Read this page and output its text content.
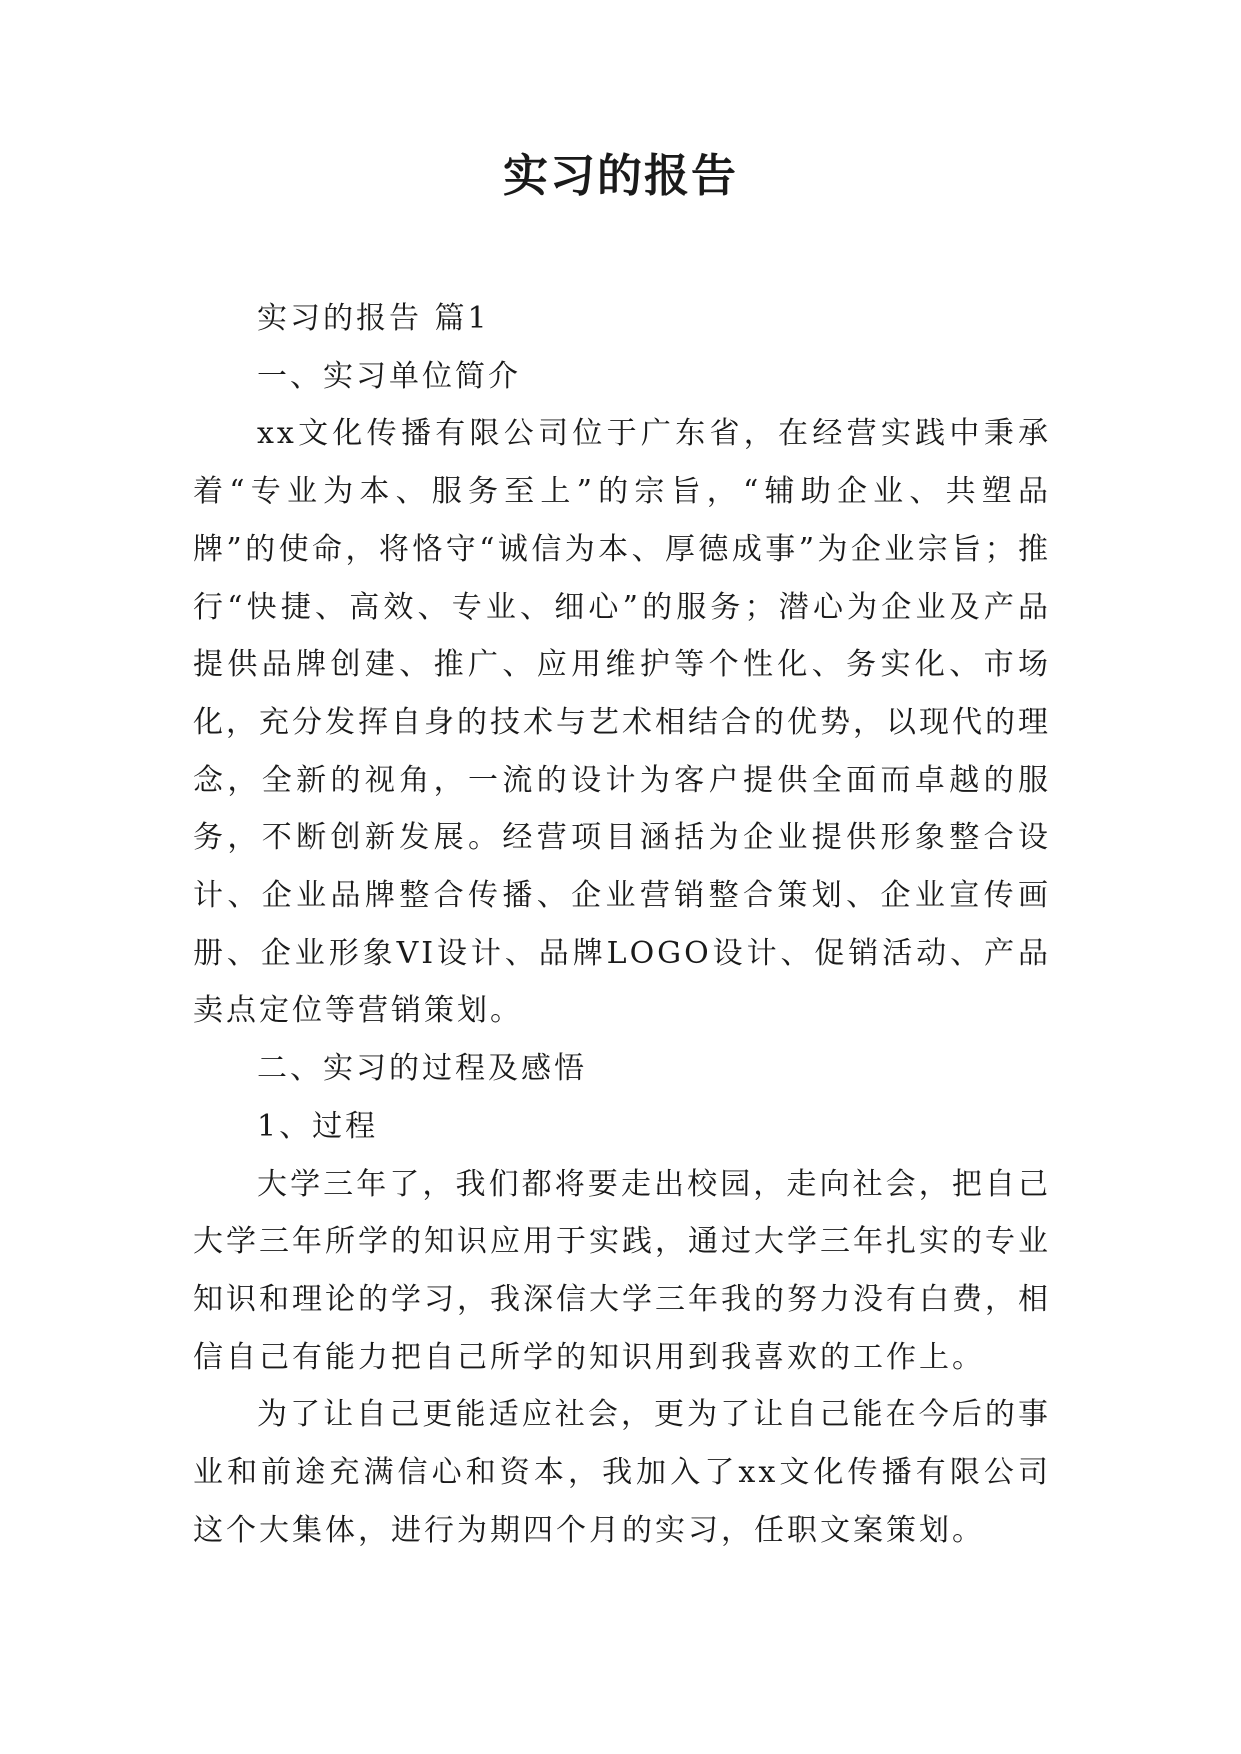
实习的报告

实习的报告 篇1

一、实习单位简介

xx文化传播有限公司位于广东省，在经营实践中秉承着“专业为本、服务至上”的宗旨，“辅助企业、共塑品牌”的使命，将恪守“诚信为本、厚德成事”为企业宗旨；推行“快捷、高效、专业、细心”的服务；潜心为企业及产品提供品牌创建、推广、应用维护等个性化、务实化、市场化，充分发挥自身的技术与艺术相结合的优势，以现代的理念，全新的视角，一流的设计为客户提供全面而卓越的服务，不断创新发展。经营项目涵括为企业提供形象整合设计、企业品牌整合传播、企业营销整合策划、企业宣传画册、企业形象VI设计、品牌LOGO设计、促销活动、产品卖点定位等营销策划。

二、实习的过程及感悟

1、过程

大学三年了，我们都将要走出校园，走向社会，把自己大学三年所学的知识应用于实践，通过大学三年扎实的专业知识和理论的学习，我深信大学三年我的努力没有白费，相信自己有能力把自己所学的知识用到我喜欢的工作上。

为了让自己更能适应社会，更为了让自己能在今后的事业和前途充满信心和资本，我加入了xx文化传播有限公司这个大集体，进行为期四个月的实习，任职文案策划。
